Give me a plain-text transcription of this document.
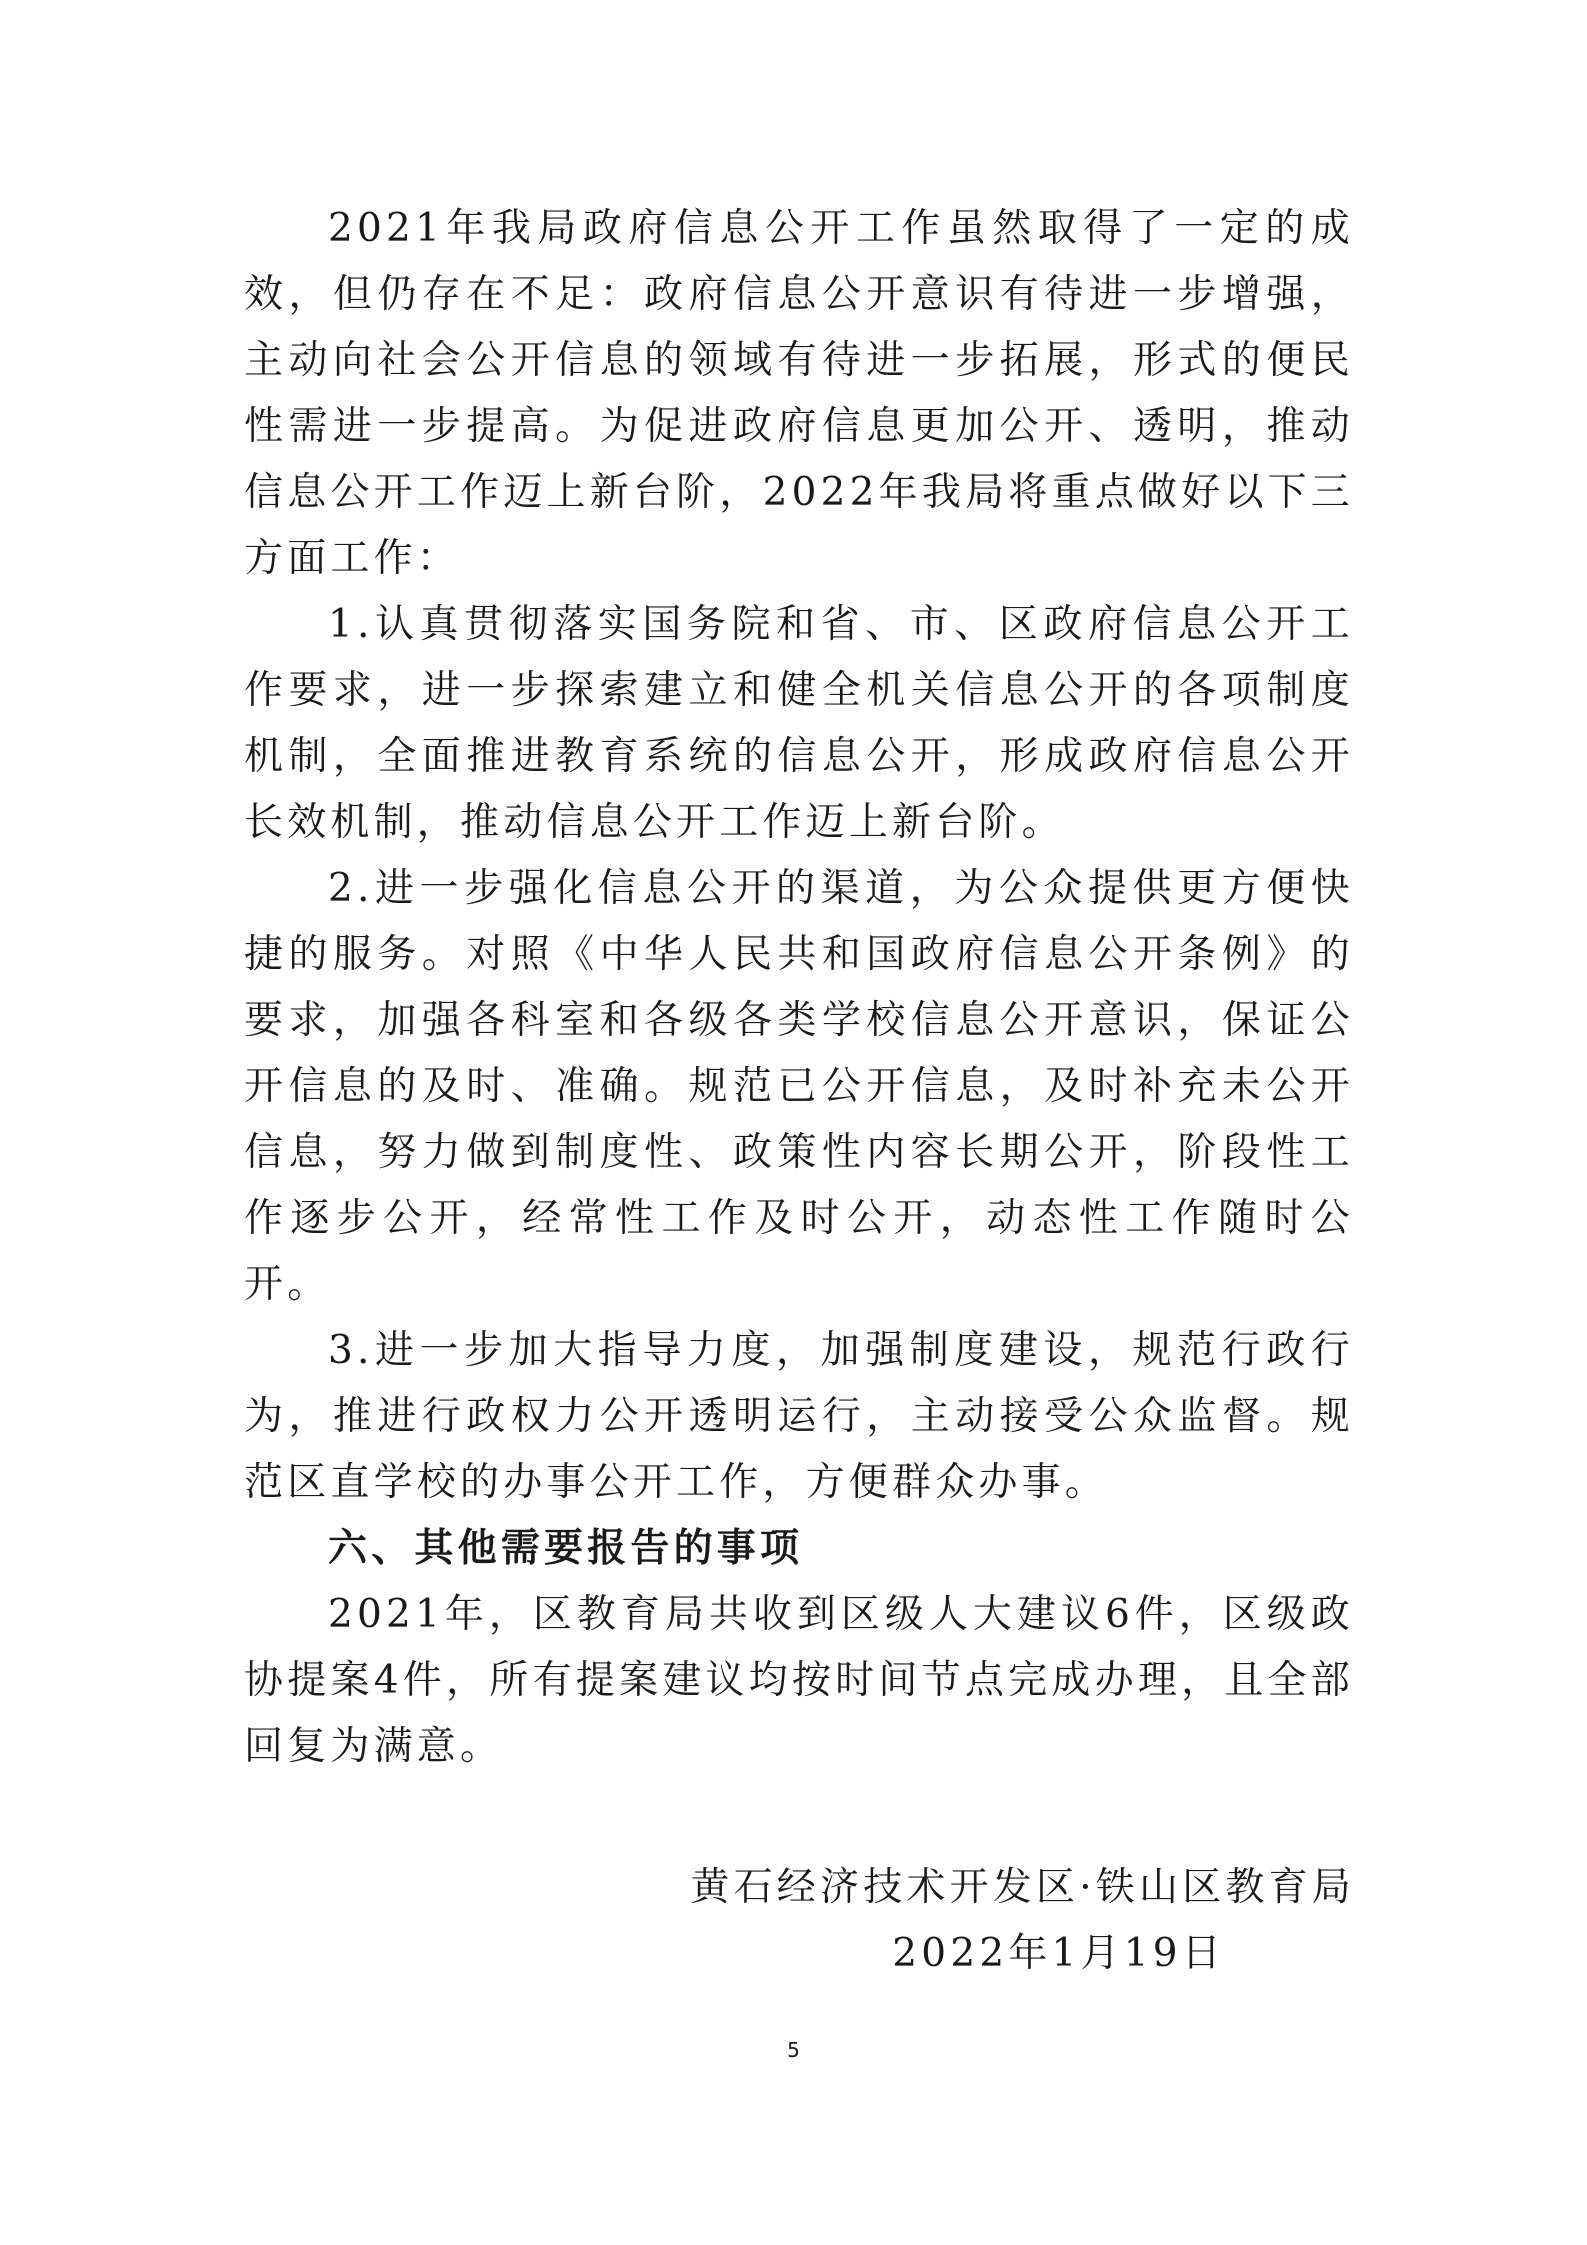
2021年我局政府信息公开工作虽然取得了一定的成效，但仍存在不足：政府信息公开意识有待进一步增强，主动向社会公开信息的领域有待进一步拓展，形式的便民性需进一步提高。为促进政府信息更加公开、透明，推动信息公开工作迈上新台阶，2022年我局将重点做好以下三方面工作：

1.认真贯彻落实国务院和省、市、区政府信息公开工作要求，进一步探索建立和健全机关信息公开的各项制度机制，全面推进教育系统的信息公开，形成政府信息公开长效机制，推动信息公开工作迈上新台阶。

2.进一步强化信息公开的渠道，为公众提供更方便快捷的服务。对照《中华人民共和国政府信息公开条例》的要求，加强各科室和各级各类学校信息公开意识，保证公开信息的及时、准确。规范已公开信息，及时补充未公开信息，努力做到制度性、政策性内容长期公开，阶段性工作逐步公开，经常性工作及时公开，动态性工作随时公开。

3.进一步加大指导力度，加强制度建设，规范行政行为，推进行政权力公开透明运行，主动接受公众监督。规范区直学校的办事公开工作，方便群众办事。

六、其他需要报告的事项

2021年，区教育局共收到区级人大建议6件，区级政协提案4件，所有提案建议均按时间节点完成办理，且全部回复为满意。

黄石经济技术开发区·铁山区教育局

2022年1月19日

5
